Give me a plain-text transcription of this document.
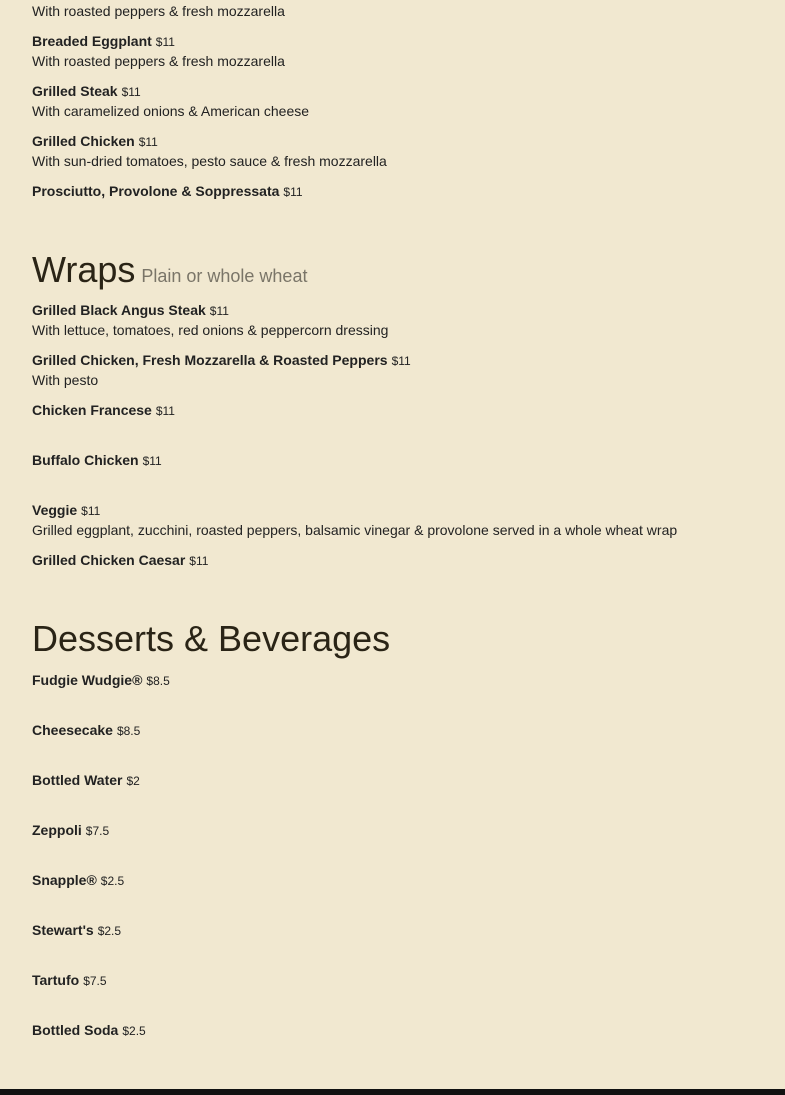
With roasted peppers & fresh mozzarella
Breaded Eggplant $11
With roasted peppers & fresh mozzarella
Grilled Steak $11
With caramelized onions & American cheese
Grilled Chicken $11
With sun-dried tomatoes, pesto sauce & fresh mozzarella
Prosciutto, Provolone & Soppressata $11
Wraps Plain or whole wheat
Grilled Black Angus Steak $11
With lettuce, tomatoes, red onions & peppercorn dressing
Grilled Chicken, Fresh Mozzarella & Roasted Peppers $11
With pesto
Chicken Francese $11
Buffalo Chicken $11
Veggie $11
Grilled eggplant, zucchini, roasted peppers, balsamic vinegar & provolone served in a whole wheat wrap
Grilled Chicken Caesar $11
Desserts & Beverages
Fudgie Wudgie® $8.5
Cheesecake $8.5
Bottled Water $2
Zeppoli $7.5
Snapple® $2.5
Stewart's $2.5
Tartufo $7.5
Bottled Soda $2.5
